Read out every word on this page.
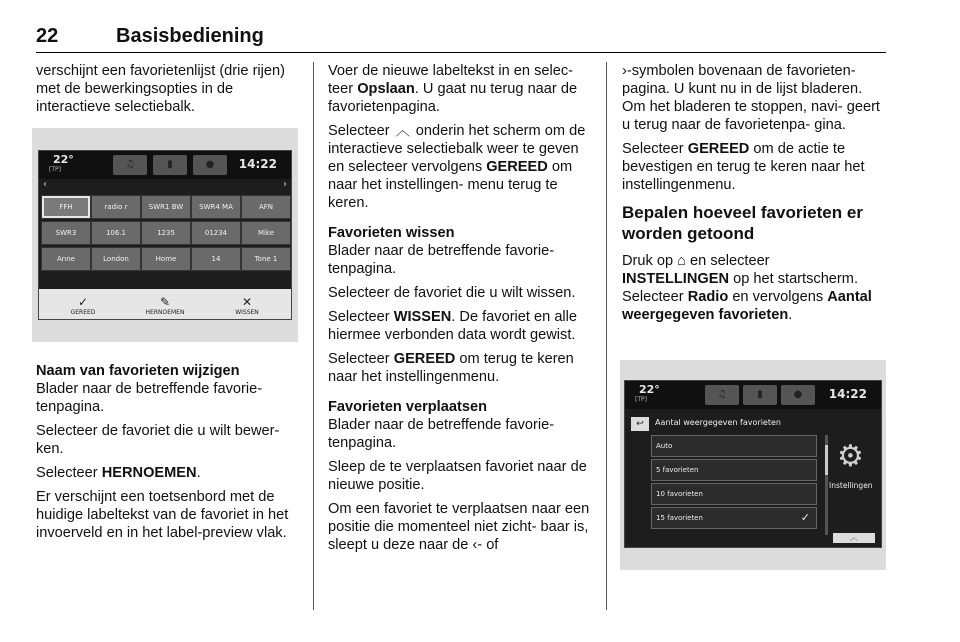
22	Basisbediening

verschijnt een favorietenlijst (drie rijen) met de bewerkingsopties in de interactieve selectiebalk.

22°
[TP]	♫	▮	●	14:22
‹	›
FFH	radio r	SWR1 BW	SWR4 MA	AFN
SWR3	106.1	1235	01234	Mike
Anne	London	Home	14	Tone 1
✓
GEREED
✎
HERNOEMEN
✕
WISSEN
Naam van favorieten wijzigen

Blader naar de betreffende favorie- tenpagina.

Selecteer de favoriet die u wilt bewer- ken.

Selecteer HERNOEMEN.

Er verschijnt een toetsenbord met de huidige labeltekst van de favoriet in het invoerveld en in het label-preview vlak.

Voer de nieuwe labeltekst in en selec- teer Opslaan. U gaat nu terug naar de favorietenpagina.

Selecteer ︿ onderin het scherm om de interactieve selectiebalk weer te geven en selecteer vervolgens GEREED om naar het instellingen- menu terug te keren.

Favorieten wissen

Blader naar de betreffende favorie- tenpagina.

Selecteer de favoriet die u wilt wissen.

Selecteer WISSEN. De favoriet en alle hiermee verbonden data wordt gewist.

Selecteer GEREED om terug te keren naar het instellingenmenu.

Favorieten verplaatsen

Blader naar de betreffende favorie- tenpagina.

Sleep de te verplaatsen favoriet naar de nieuwe positie.

Om een favoriet te verplaatsen naar een positie die momenteel niet zicht- baar is, sleept u deze naar de ‹- of

›-symbolen bovenaan de favorieten- pagina. U kunt nu in de lijst bladeren. Om het bladeren te stoppen, navi- geert u terug naar de favorietenpa- gina.

Selecteer GEREED om de actie te bevestigen en terug te keren naar het instellingenmenu.

Bepalen hoeveel favorieten er worden getoond

Druk op ⌂ en selecteer
INSTELLINGEN op het startscherm.

Selecteer Radio en vervolgens Aantal weergegeven favorieten.

22°
[TP]	♫	▮	●	14:22
↩	Aantal weergegeven favorieten
Auto
5 favorieten
10 favorieten
15 favorieten	✓
⚙
Instellingen
︿
